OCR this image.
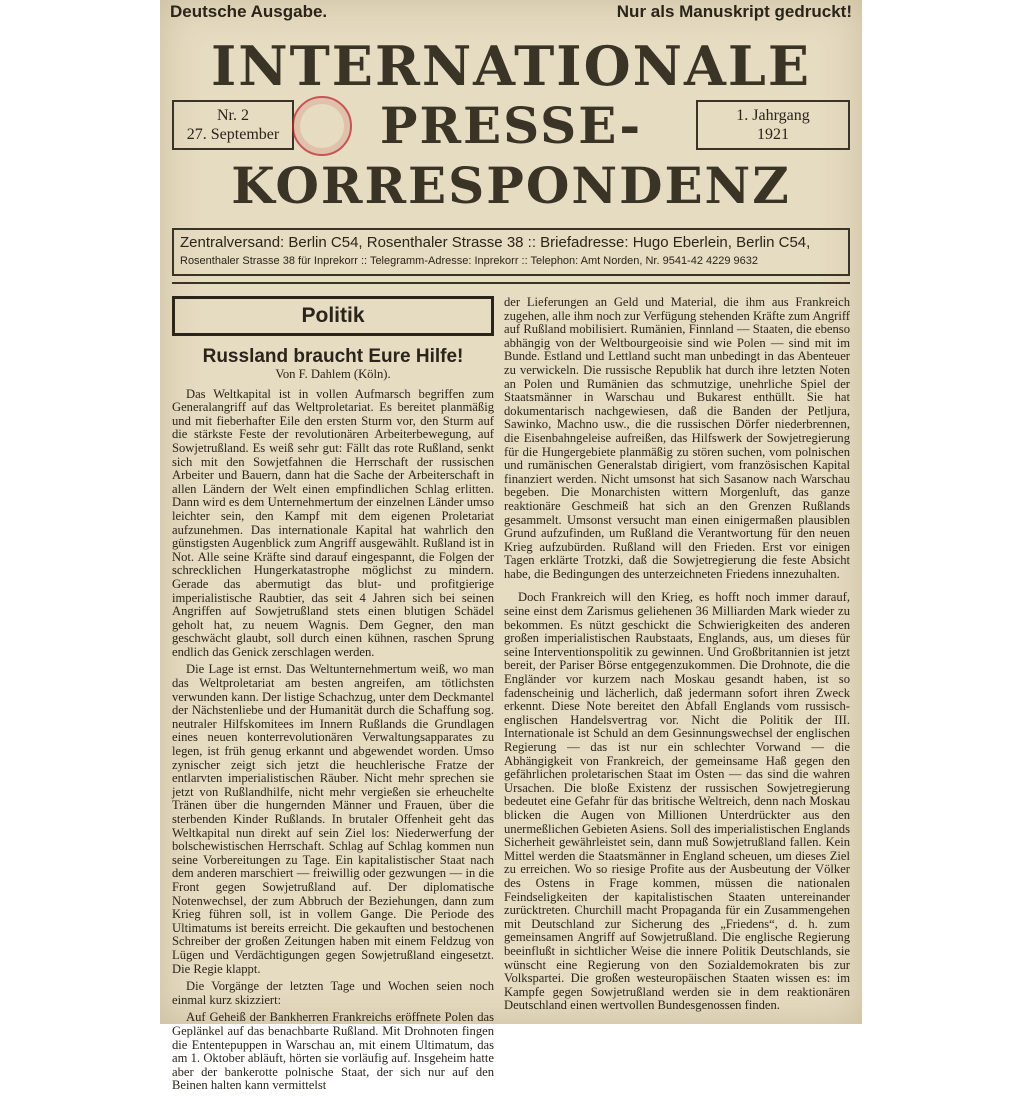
Deutsche Ausgabe.	Nur als Manuskript gedruckt!
INTERNATIONALE
PRESSE-
KORRESPONDENZ
Nr. 2
27. September
1. Jahrgang
1921
Zentralversand: Berlin C54, Rosenthaler Strasse 38 :: Briefadresse: Hugo Eberlein, Berlin C54,
Rosenthaler Strasse 38 für Inprekorr :: Telegramm-Adresse: Inprekorr :: Telephon: Amt Norden, Nr. 9541-42 4229 9632
Politik
Russland braucht Eure Hilfe!
Von F. Dahlem (Köln).

Das Weltkapital ist in vollen Aufmarsch begriffen zum Generalangriff auf das Weltproletariat. Es bereitet planmäßig und mit fieberhafter Eile den ersten Sturm vor, den Sturm auf die stärkste Feste der revolutionären Arbeiterbewegung, auf Sowjetrußland. Es weiß sehr gut: Fällt das rote Rußland, senkt sich mit den Sowjetfahnen die Herrschaft der russischen Arbeiter und Bauern, dann hat die Sache der Arbeiterschaft in allen Ländern der Welt einen empfindlichen Schlag erlitten. Dann wird es dem Unternehmertum der einzelnen Länder umso leichter sein, den Kampf mit dem eigenen Proletariat aufzunehmen. Das internationale Kapital hat wahrlich den günstigsten Augenblick zum Angriff ausgewählt. Rußland ist in Not. Alle seine Kräfte sind darauf eingespannt, die Folgen der schrecklichen Hungerkatastrophe möglichst zu mindern. Gerade das abermutigt das blut- und profitgierige imperialistische Raubtier, das seit 4 Jahren sich bei seinen Angriffen auf Sowjetrußland stets einen blutigen Schädel geholt hat, zu neuem Wagnis. Dem Gegner, den man geschwächt glaubt, soll durch einen kühnen, raschen Sprung endlich das Genick zerschlagen werden.

Die Lage ist ernst. Das Weltunternehmertum weiß, wo man das Weltproletariat am besten angreifen, am tötlichsten verwunden kann. Der listige Schachzug, unter dem Deckmantel der Nächstenliebe und der Humanität durch die Schaffung sog. neutraler Hilfskomitees im Innern Rußlands die Grundlagen eines neuen konterrevolutionären Verwaltungsapparates zu legen, ist früh genug erkannt und abgewendet worden. Umso zynischer zeigt sich jetzt die heuchlerische Fratze der entlarvten imperialistischen Räuber. Nicht mehr sprechen sie jetzt von Rußlandhilfe, nicht mehr vergießen sie erheuchelte Tränen über die hungernden Männer und Frauen, über die sterbenden Kinder Rußlands. In brutaler Offenheit geht das Weltkapital nun direkt auf sein Ziel los: Niederwerfung der bolschewistischen Herrschaft. Schlag auf Schlag kommen nun seine Vorbereitungen zu Tage. Ein kapitalistischer Staat nach dem anderen marschiert — freiwillig oder gezwungen — in die Front gegen Sowjetrußland auf. Der diplomatische Notenwechsel, der zum Abbruch der Beziehungen, dann zum Krieg führen soll, ist in vollem Gange. Die Periode des Ultimatums ist bereits erreicht. Die gekauften und bestochenen Schreiber der großen Zeitungen haben mit einem Feldzug von Lügen und Verdächtigungen gegen Sowjetrußland eingesetzt. Die Regie klappt.

Die Vorgänge der letzten Tage und Wochen seien noch einmal kurz skizziert:

Auf Geheiß der Bankherren Frankreichs eröffnete Polen das Geplänkel auf das benachbarte Rußland. Mit Drohnoten fingen die Ententepuppen in Warschau an, mit einem Ultimatum, das am 1. Oktober abläuft, hörten sie vorläufig auf. Insgeheim hatte aber der bankerotte polnische Staat, der sich nur auf den Beinen halten kann vermittelst

der Lieferungen an Geld und Material, die ihm aus Frankreich zugehen, alle ihm noch zur Verfügung stehenden Kräfte zum Angriff auf Rußland mobilisiert. Rumänien, Finnland — Staaten, die ebenso abhängig von der Weltbourgeoisie sind wie Polen — sind mit im Bunde. Estland und Lettland sucht man unbedingt in das Abenteuer zu verwickeln. Die russische Republik hat durch ihre letzten Noten an Polen und Rumänien das schmutzige, unehrliche Spiel der Staatsmänner in Warschau und Bukarest enthüllt. Sie hat dokumentarisch nachgewiesen, daß die Banden der Petljura, Sawinko, Machno usw., die die russischen Dörfer niederbrennen, die Eisenbahngeleise aufreißen, das Hilfswerk der Sowjetregierung für die Hungergebiete planmäßig zu stören suchen, vom polnischen und rumänischen Generalstab dirigiert, vom französischen Kapital finanziert werden. Nicht umsonst hat sich Sasanow nach Warschau begeben. Die Monarchisten wittern Morgenluft, das ganze reaktionäre Geschmeiß hat sich an den Grenzen Rußlands gesammelt. Umsonst versucht man einen einigermaßen plausiblen Grund aufzufinden, um Rußland die Verantwortung für den neuen Krieg aufzubürden. Rußland will den Frieden. Erst vor einigen Tagen erklärte Trotzki, daß die Sowjetregierung die feste Absicht habe, die Bedingungen des unterzeichneten Friedens innezuhalten.

Doch Frankreich will den Krieg, es hofft noch immer darauf, seine einst dem Zarismus geliehenen 36 Milliarden Mark wieder zu bekommen. Es nützt geschickt die Schwierigkeiten des anderen großen imperialistischen Raubstaats, Englands, aus, um dieses für seine Interventionspolitik zu gewinnen. Und Großbritannien ist jetzt bereit, der Pariser Börse entgegenzukommen. Die Drohnote, die die Engländer vor kurzem nach Moskau gesandt haben, ist so fadenscheinig und lächerlich, daß jedermann sofort ihren Zweck erkennt. Diese Note bereitet den Abfall Englands vom russisch-englischen Handelsvertrag vor. Nicht die Politik der III. Internationale ist Schuld an dem Gesinnungswechsel der englischen Regierung — das ist nur ein schlechter Vorwand — die Abhängigkeit von Frankreich, der gemeinsame Haß gegen den gefährlichen proletarischen Staat im Osten — das sind die wahren Ursachen. Die bloße Existenz der russischen Sowjetregierung bedeutet eine Gefahr für das britische Weltreich, denn nach Moskau blicken die Augen von Millionen Unterdrückter aus den unermeßlichen Gebieten Asiens. Soll des imperialistischen Englands Sicherheit gewährleistet sein, dann muß Sowjetrußland fallen. Kein Mittel werden die Staatsmänner in England scheuen, um dieses Ziel zu erreichen. Wo so riesige Profite aus der Ausbeutung der Völker des Ostens in Frage kommen, müssen die nationalen Feindseligkeiten der kapitalistischen Staaten untereinander zurücktreten. Churchill macht Propaganda für ein Zusammengehen mit Deutschland zur Sicherung des „Friedens“, d. h. zum gemeinsamen Angriff auf Sowjetrußland. Die englische Regierung beeinflußt in sichtlicher Weise die innere Politik Deutschlands, sie wünscht eine Regierung von den Sozialdemokraten bis zur Volkspartei. Die großen westeuropäischen Staaten wissen es: im Kampfe gegen Sowjetrußland werden sie in dem reaktionären Deutschland einen wertvollen Bundesgenossen finden.
